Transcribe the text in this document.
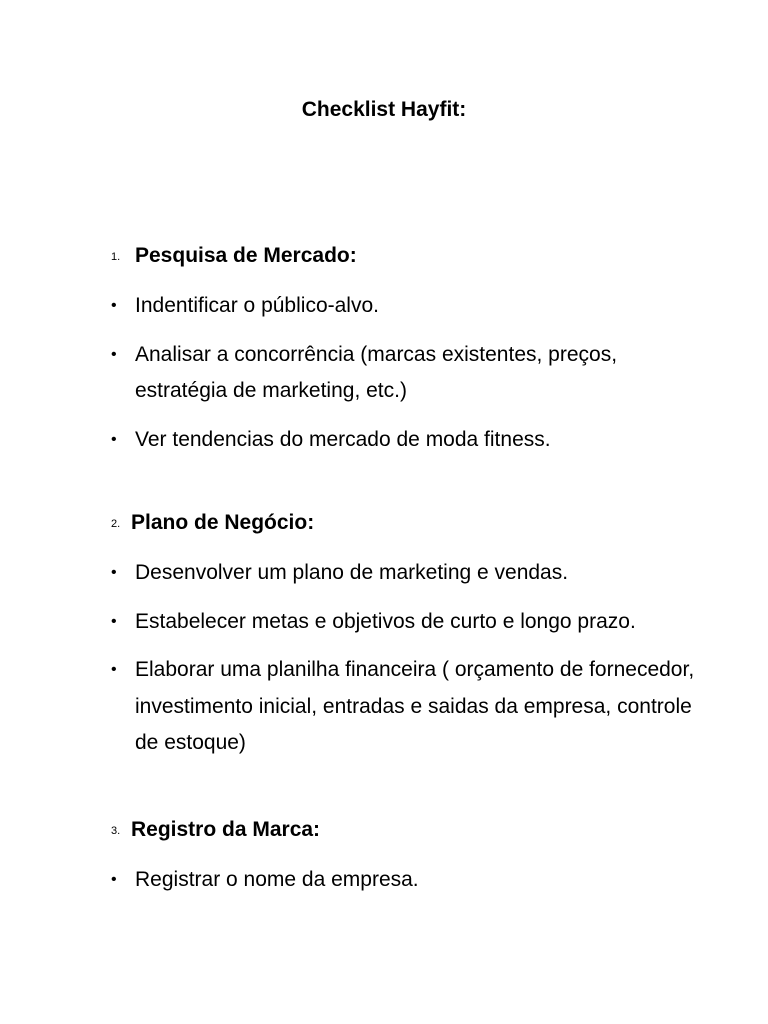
Checklist Hayfit:
1. Pesquisa de Mercado:
• Indentificar o público-alvo.
• Analisar a concorrência (marcas existentes, preços, estratégia de marketing, etc.)
• Ver tendencias do mercado de moda fitness.
2. Plano de Negócio:
• Desenvolver um plano de marketing e vendas.
• Estabelecer metas e objetivos de curto e longo prazo.
• Elaborar uma planilha financeira ( orçamento de fornecedor, investimento inicial, entradas e saidas da empresa, controle de estoque)
3. Registro da Marca:
• Registrar o nome da empresa.
